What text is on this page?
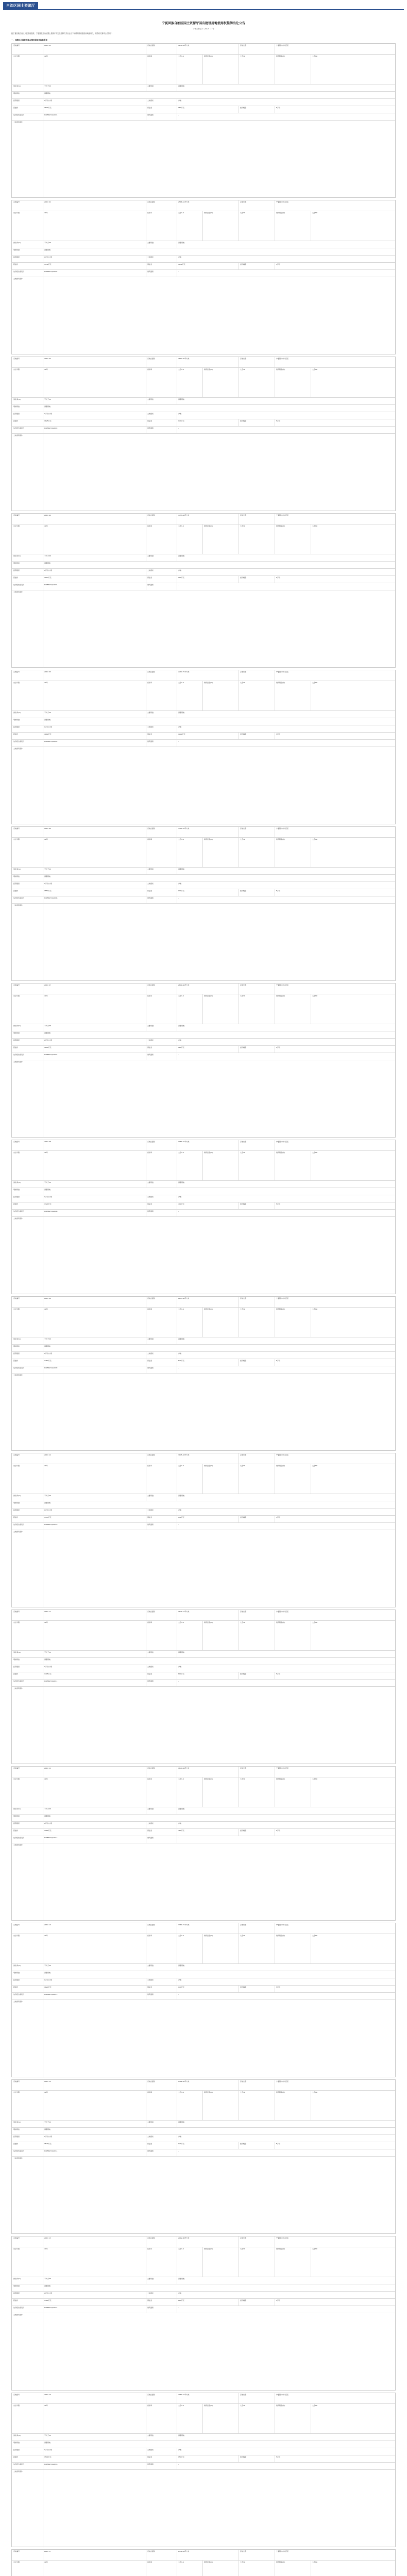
自治区国土资源厅
宁夏回族自治区国土资源厅国有建设用地使用权挂牌出让公告
宁国土资告字〔2017〕17号
经宁夏回族自治区人民政府批准，宁夏回族自治区国土资源厅决定以挂牌方式出让以下地块的国有建设用地使用权，现将有关事项公告如下：
一、挂牌出让地块的基本情况和规划指标要求
宗地编号	2017-01	宗地总面积	1234.56平方米	宗地坐落	宁夏银川市兴庆区
出让年限	40年	容积率	大于1.0	建筑密度(%)	大于30	建筑限高(米)	大于80
绿化率(%)	不大于35	主要用途	商服用地
明细用途	商服用地
投资强度	0万元/公顷	土地现状	净地
起始价	1590万元	保证金	960万元	加价幅度	5万元
估价报告备案号	6405617QA0001	建筑面积	-
土地使用条件
宗地编号	2017-02	宗地总面积	2568.44平方米	宗地坐落	宁夏银川市兴庆区
出让年限	40年	容积率	大于1.0	建筑密度(%)	大于30	建筑限高(米)	大于80
绿化率(%)	不大于35	主要用途	商服用地
明细用途	商服用地
投资强度	0万元/公顷	土地现状	净地
起始价	1740万元	保证金	1040万元	加价幅度	5万元
估价报告备案号	6405617QA0002	建筑面积	-
土地使用条件
宗地编号	2017-03	宗地总面积	3512.20平方米	宗地坐落	宁夏银川市兴庆区
出让年限	40年	容积率	大于1.0	建筑密度(%)	大于30	建筑限高(米)	大于80
绿化率(%)	不大于35	主要用途	商服用地
明细用途	商服用地
投资强度	0万元/公顷	土地现状	净地
起始价	1625万元	保证金	970万元	加价幅度	5万元
估价报告备案号	6405617QA0003	建筑面积	-
土地使用条件
宗地编号	2017-04	宗地总面积	4455.08平方米	宗地坐落	宁夏银川市兴庆区
出让年限	40年	容积率	大于1.0	建筑密度(%)	大于30	建筑限高(米)	大于80
绿化率(%)	不大于35	主要用途	商服用地
明细用途	商服用地
投资强度	0万元/公顷	土地现状	净地
起始价	1510万元	保证金	900万元	加价幅度	5万元
估价报告备案号	6405617QA0004	建筑面积	-
土地使用条件
宗地编号	2017-05	宗地总面积	2210.75平方米	宗地坐落	宁夏银川市兴庆区
出让年限	40年	容积率	大于1.0	建筑密度(%)	大于30	建筑限高(米)	大于80
绿化率(%)	不大于35	主要用途	商服用地
明细用途	商服用地
投资强度	0万元/公顷	土地现状	净地
起始价	1680万元	保证金	1000万元	加价幅度	5万元
估价报告备案号	6405617QA0005	建筑面积	-
土地使用条件
宗地编号	2017-06	宗地总面积	3320.10平方米	宗地坐落	宁夏银川市兴庆区
出让年限	40年	容积率	大于1.0	建筑密度(%)	大于30	建筑限高(米)	大于80
绿化率(%)	不大于35	主要用途	商服用地
明细用途	商服用地
投资强度	0万元/公顷	土地现状	净地
起始价	1550万元	保证金	930万元	加价幅度	5万元
估价报告备案号	6405617QA0006	建筑面积	-
土地使用条件
宗地编号	2017-07	宗地总面积	2890.66平方米	宗地坐落	宁夏银川市兴庆区
出让年限	40年	容积率	大于1.0	建筑密度(%)	大于30	建筑限高(米)	大于80
绿化率(%)	不大于35	主要用途	商服用地
明细用途	商服用地
投资强度	0万元/公顷	土地现状	净地
起始价	1600万元	保证金	960万元	加价幅度	5万元
估价报告备案号	6405617QA0007	建筑面积	-
土地使用条件
宗地编号	2017-08	宗地总面积	1980.34平方米	宗地坐落	宁夏银川市兴庆区
出让年限	40年	容积率	大于1.0	建筑密度(%)	大于30	建筑限高(米)	大于80
绿化率(%)	不大于35	主要用途	商服用地
明细用途	商服用地
投资强度	0万元/公顷	土地现状	净地
起始价	1320万元	保证金	790万元	加价幅度	5万元
估价报告备案号	6405617QA0008	建筑面积	-
土地使用条件
宗地编号	2017-09	宗地总面积	2675.90平方米	宗地坐落	宁夏银川市兴庆区
出让年限	40年	容积率	大于1.0	建筑密度(%)	大于30	建筑限高(米)	大于80
绿化率(%)	不大于35	主要用途	商服用地
明细用途	商服用地
投资强度	0万元/公顷	土地现状	净地
起始价	1450万元	保证金	870万元	加价幅度	5万元
估价报告备案号	6405617QA0009	建筑面积	-
土地使用条件
宗地编号	2017-10	宗地总面积	3105.48平方米	宗地坐落	宁夏银川市兴庆区
出让年限	40年	容积率	大于1.0	建筑密度(%)	大于30	建筑限高(米)	大于80
绿化率(%)	不大于35	主要用途	商服用地
明细用途	商服用地
投资强度	0万元/公顷	土地现状	净地
起始价	1570万元	保证金	940万元	加价幅度	5万元
估价报告备案号	6405617QA0010	建筑面积	-
土地使用条件
宗地编号	2017-11	宗地总面积	2544.12平方米	宗地坐落	宁夏银川市兴庆区
出让年限	40年	容积率	大于1.0	建筑密度(%)	大于30	建筑限高(米)	大于80
绿化率(%)	不大于35	主要用途	商服用地
明细用途	商服用地
投资强度	0万元/公顷	土地现状	净地
起始价	1495万元	保证金	890万元	加价幅度	5万元
估价报告备案号	6405617QA0011	建筑面积	-
土地使用条件
宗地编号	2017-12	宗地总面积	1870.06平方米	宗地坐落	宁夏银川市兴庆区
出让年限	40年	容积率	大于1.0	建筑密度(%)	大于30	建筑限高(米)	大于80
绿化率(%)	不大于35	主要用途	商服用地
明细用途	商服用地
投资强度	0万元/公顷	土地现状	净地
起始价	1280万元	保证金	760万元	加价幅度	5万元
估价报告备案号	6405617QA0012	建筑面积	-
土地使用条件
宗地编号	2017-13	宗地总面积	3364.72平方米	宗地坐落	宁夏银川市兴庆区
出让年限	40年	容积率	大于1.0	建筑密度(%)	大于30	建筑限高(米)	大于80
绿化率(%)	不大于35	主要用途	商服用地
明细用途	商服用地
投资强度	0万元/公顷	土地现状	净地
起始价	1620万元	保证金	970万元	加价幅度	5万元
估价报告备案号	6405617QA0013	建筑面积	-
土地使用条件
宗地编号	2017-14	宗地总面积	2788.30平方米	宗地坐落	宁夏银川市兴庆区
出让年限	40年	容积率	大于1.0	建筑密度(%)	大于30	建筑限高(米)	大于80
绿化率(%)	不大于35	主要用途	商服用地
明细用途	商服用地
投资强度	0万元/公顷	土地现状	净地
起始价	1540万元	保证金	920万元	加价幅度	5万元
估价报告备案号	6405617QA0014	建筑面积	-
土地使用条件
宗地编号	2017-15	宗地总面积	2012.88平方米	宗地坐落	宁夏银川市兴庆区
出让年限	40年	容积率	大于1.0	建筑密度(%)	大于30	建筑限高(米)	大于80
绿化率(%)	不大于35	主要用途	商服用地
明细用途	商服用地
投资强度	0万元/公顷	土地现状	净地
起始价	1360万元	保证金	810万元	加价幅度	5万元
估价报告备案号	6405617QA0015	建筑面积	-
土地使用条件
宗地编号	2017-16	宗地总面积	2950.44平方米	宗地坐落	宁夏银川市兴庆区
出让年限	40年	容积率	大于1.0	建筑密度(%)	大于30	建筑限高(米)	大于80
绿化率(%)	不大于35	主要用途	商服用地
明细用途	商服用地
投资强度	0万元/公顷	土地现状	净地
起始价	1590万元	保证金	950万元	加价幅度	5万元
估价报告备案号	6405617QA0016	建筑面积	-
土地使用条件
宗地编号	2017-17	宗地总面积	2436.58平方米	宗地坐落	宁夏银川市兴庆区
出让年限	40年	容积率	大于1.0	建筑密度(%)	大于30	建筑限高(米)	大于80
